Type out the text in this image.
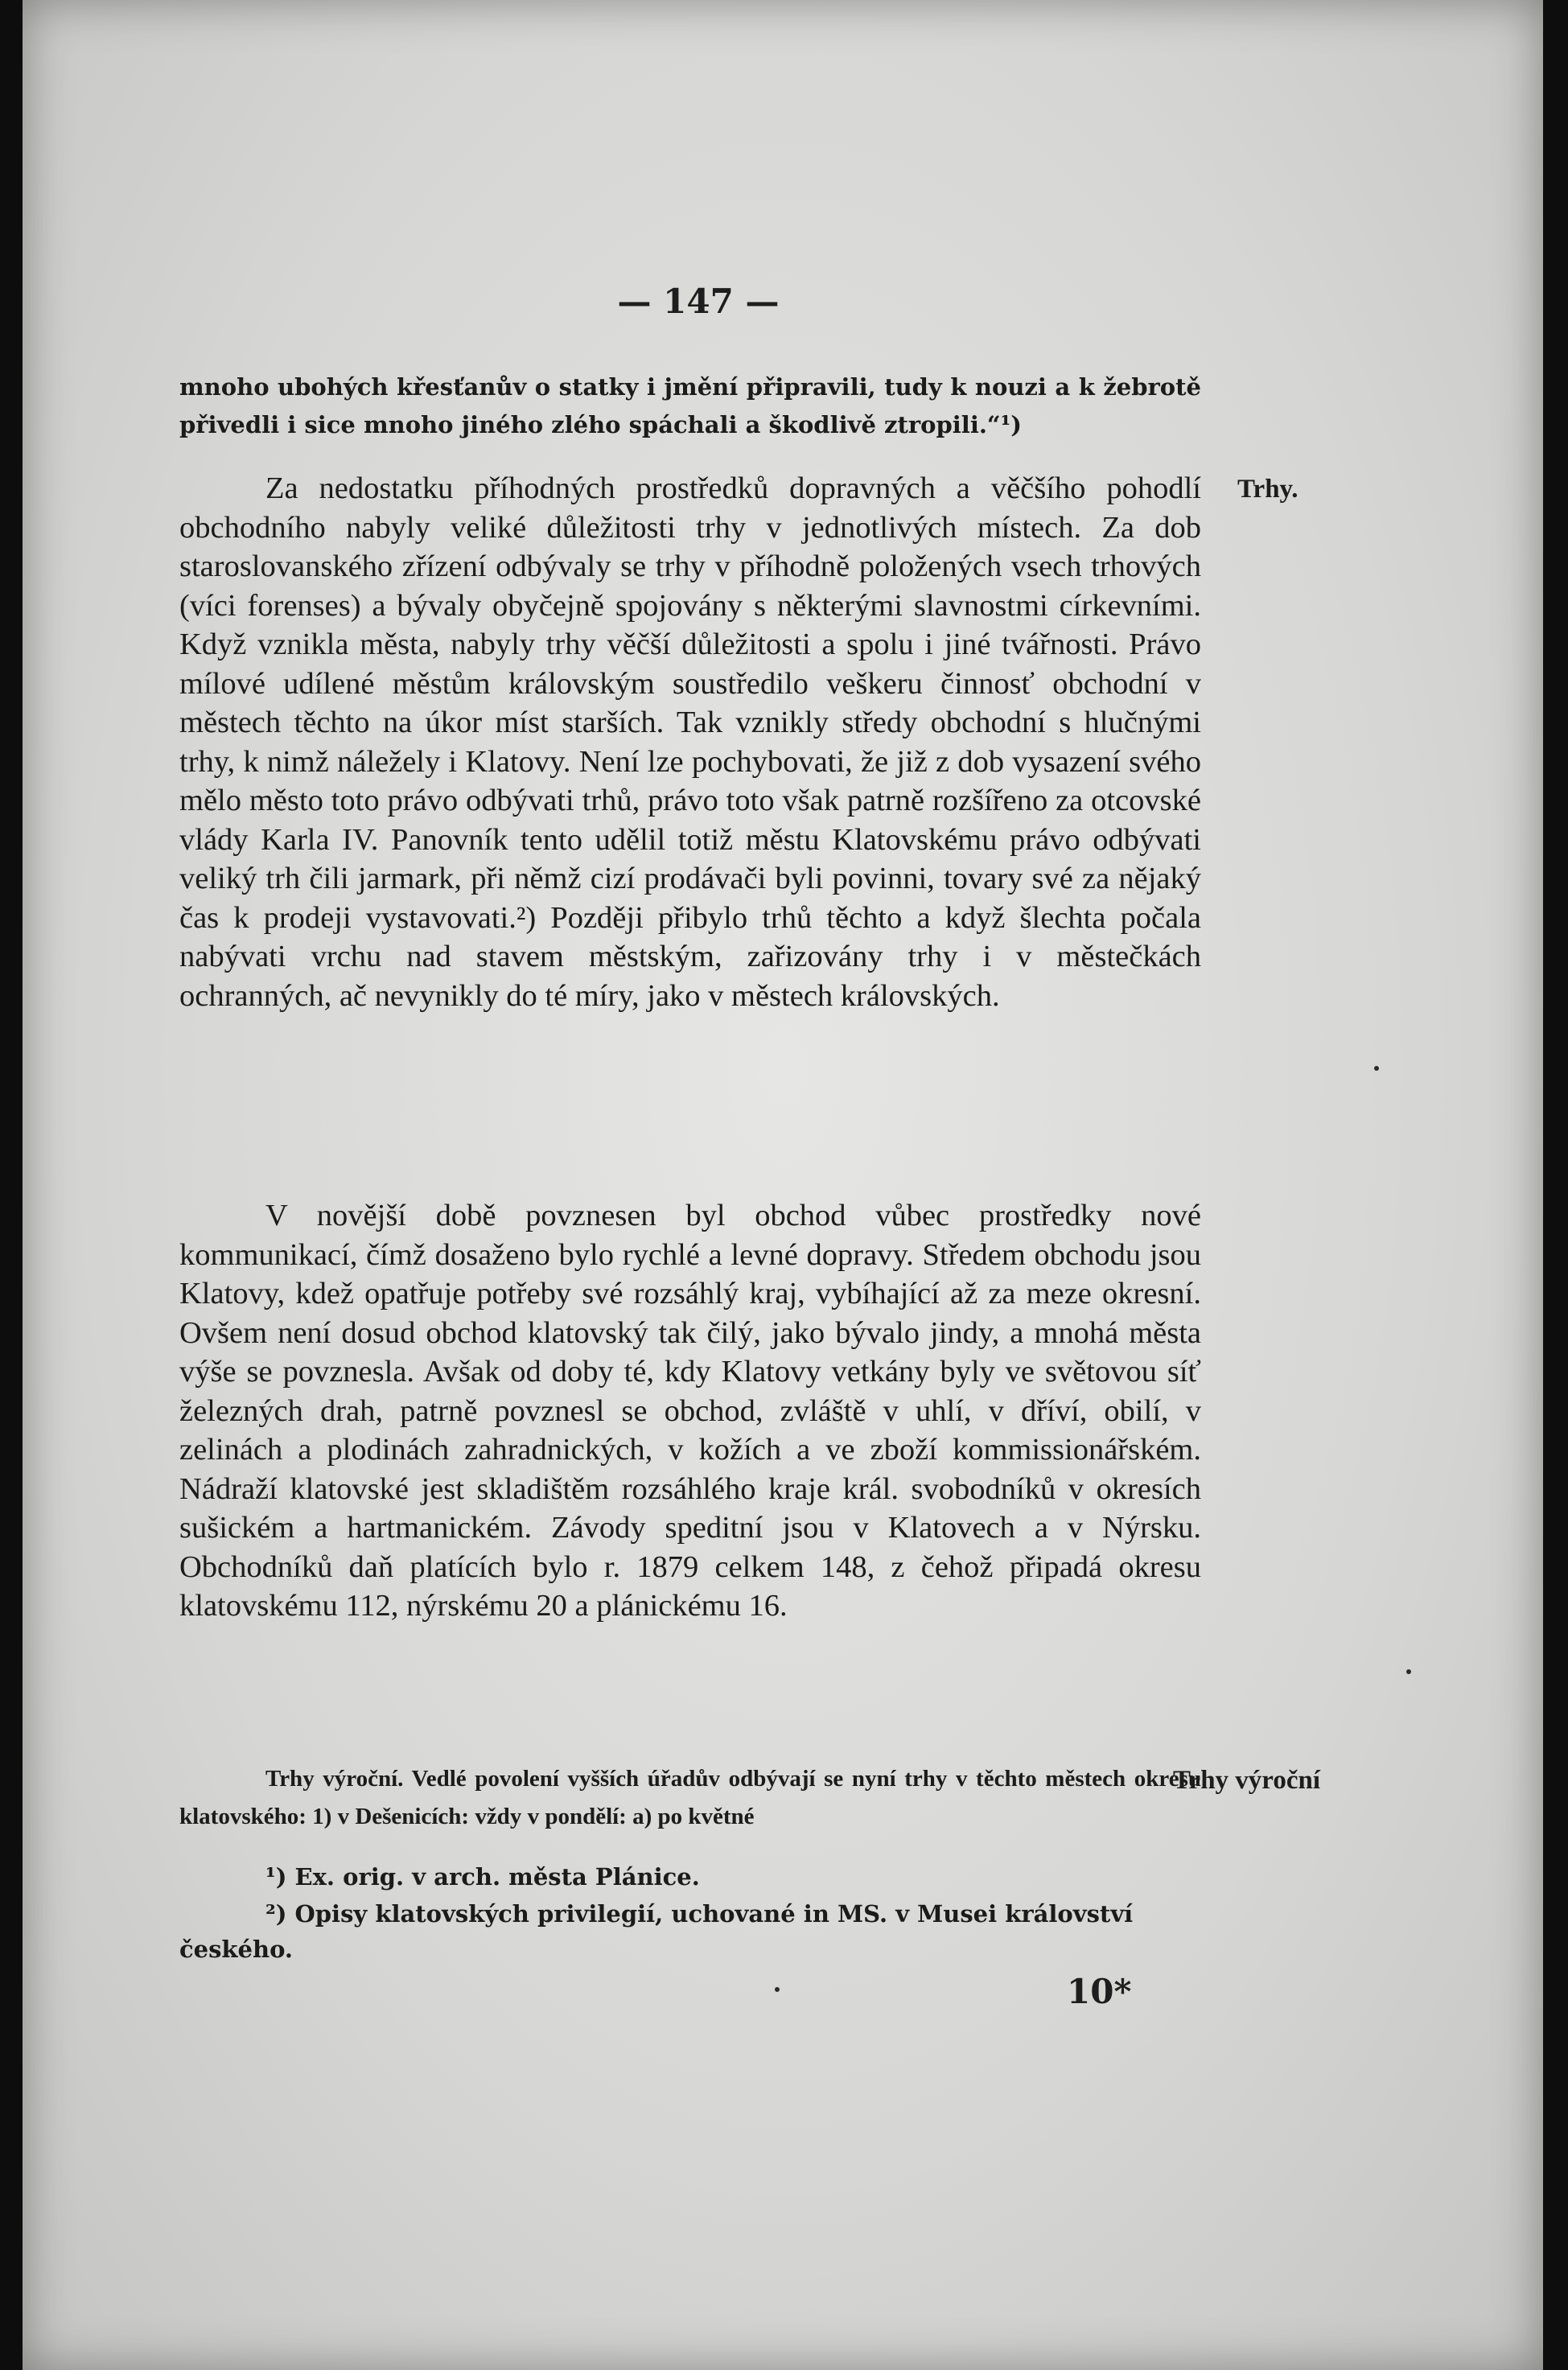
— 147 —
mnoho ubohých křesťanův o statky i jmění připravili, tudy k nouzi a k žebrotě přivedli i sice mnoho jiného zlého spáchali a škodlivě ztropili.“¹)

Za nedostatku příhodných prostředků dopravných a věčšího pohodlí obchodního nabyly veliké důležitosti trhy v jednotlivých místech. Za dob staroslovanského zřízení odbývaly se trhy v příhodně položených vsech trhových (víci forenses) a bývaly obyčejně spojovány s některými slavnostmi církevními. Když vznikla města, nabyly trhy věčší důležitosti a spolu i jiné tvářnosti. Právo mílové udílené městům královským soustředilo veškeru činnosť obchodní v městech těchto na úkor míst starších. Tak vznikly středy obchodní s hlučnými trhy, k nimž náležely i Klatovy. Není lze pochybovati, že již z dob vysazení svého mělo město toto právo odbývati trhů, právo toto však patrně rozšířeno za otcovské vlády Karla IV. Panovník tento udělil totiž městu Klatovskému právo odbývati veliký trh čili jarmark, při němž cizí prodávači byli povinni, tovary své za nějaký čas k prodeji vystavovati.²) Později přibylo trhů těchto a když šlechta počala nabývati vrchu nad stavem městským, zařizovány trhy i v městečkách ochranných, ač nevynikly do té míry, jako v městech královských.

V novější době povznesen byl obchod vůbec prostředky nové kommunikací, čímž dosaženo bylo rychlé a levné dopravy. Středem obchodu jsou Klatovy, kdež opatřuje potřeby své rozsáhlý kraj, vybíhající až za meze okresní. Ovšem není dosud obchod klatovský tak čilý, jako bývalo jindy, a mnohá města výše se povznesla. Avšak od doby té, kdy Klatovy vetkány byly ve světovou síť železných drah, patrně povznesl se obchod, zvláště v uhlí, v dříví, obilí, v zelinách a plodinách zahradnických, v kožích a ve zboží kommissionářském. Nádraží klatovské jest skladištěm rozsáhlého kraje král. svobodníků v okresích sušickém a hartmanickém. Závody speditní jsou v Klatovech a v Nýrsku. Obchodníků daň platících bylo r. 1879 celkem 148, z čehož připadá okresu klatovskému 112, nýrskému 20 a plánickému 16.

Trhy výroční. Vedlé povolení vyšších úřadův odbývají se nyní trhy v těchto městech okresu klatovského: 1) v Dešenicích: vždy v pondělí: a) po květné

¹) Ex. orig. v arch. města Plánice.
²) Opisy klatovských privilegií, uchované in MS. v Musei království českého.
10*
Trhy.
Trhy výroční
